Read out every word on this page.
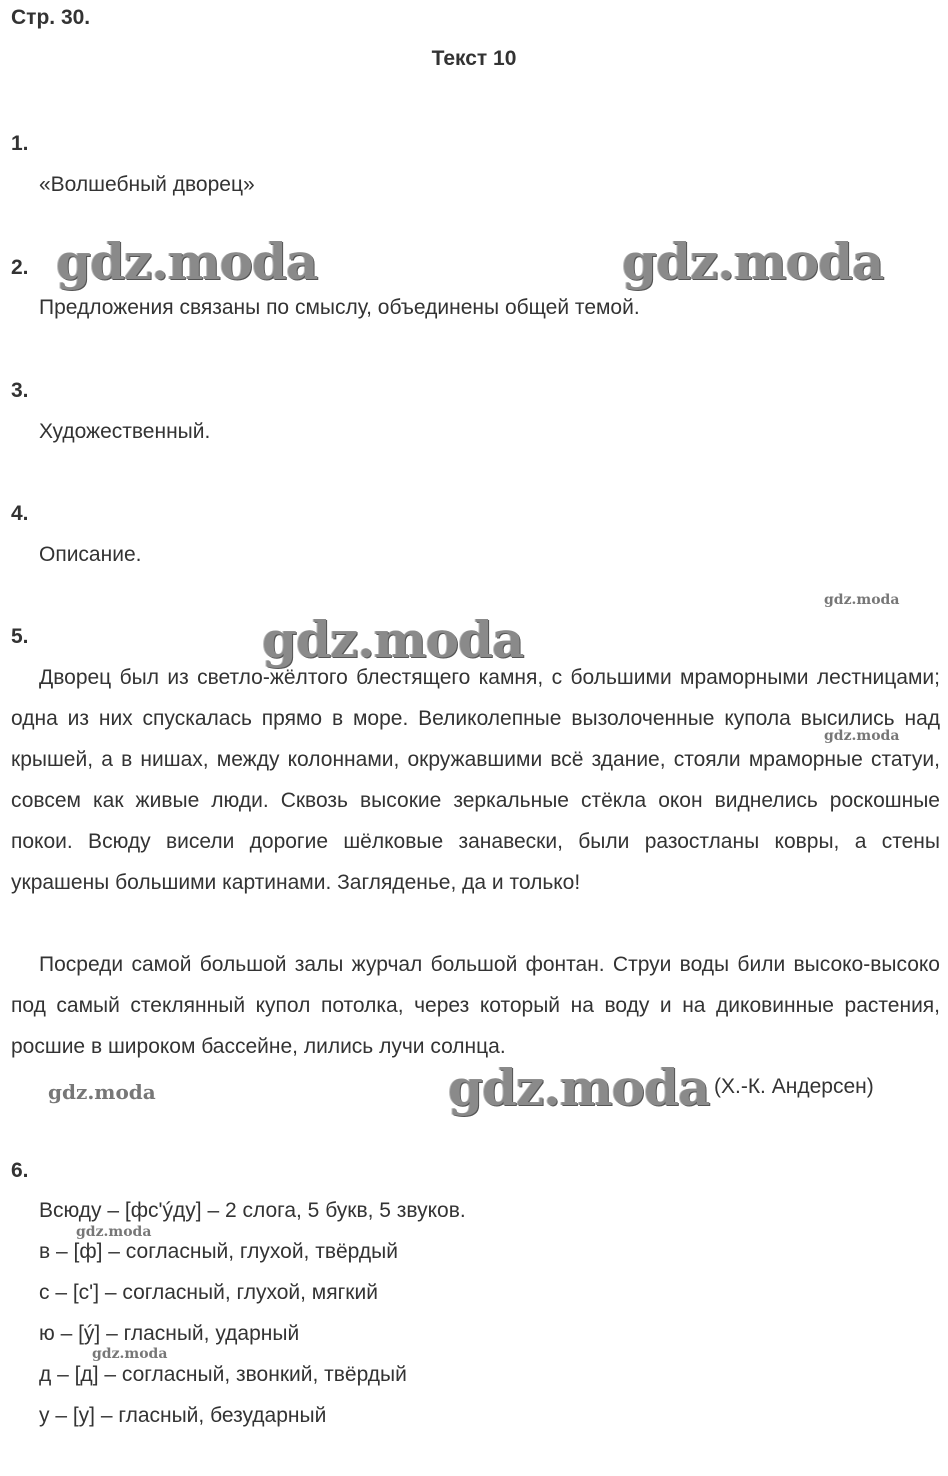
Стр. 30.
Текст 10
1.
«Волшебный дворец»
2.
Предложения связаны по смыслу, объединены общей темой.
3.
Художественный.
4.
Описание.
5.
Дворец был из светло-жёлтого блестящего камня, с большими мраморными лестницами; одна из них спускалась прямо в море. Великолепные вызолоченные купола высились над крышей, а в нишах, между колоннами, окружавшими всё здание, стояли мраморные статуи, совсем как живые люди. Сквозь высокие зеркальные стёкла окон виднелись роскошные покои. Всюду висели дорогие шёлковые занавески, были разостланы ковры, а стены украшены большими картинами. Загляденье, да и только!
Посреди самой большой залы журчал большой фонтан. Струи воды били высоко-высоко под самый стеклянный купол потолка, через который на воду и на диковинные растения, росшие в широком бассейне, лились лучи солнца.
(Х.-К. Андерсен)
6.
Всюду – [фс'ýду] – 2 слога, 5 букв, 5 звуков.
в – [ф] – согласный, глухой, твёрдый
с – [с'] – согласный, глухой, мягкий
ю – [ý] – гласный, ударный
д – [д] – согласный, звонкий, твёрдый
у – [у] – гласный, безударный
gdz.moda	gdz.moda
gdz.moda
gdz.moda
gdz.moda
gdz.moda
gdz.moda
gdz.moda
gdz.moda
